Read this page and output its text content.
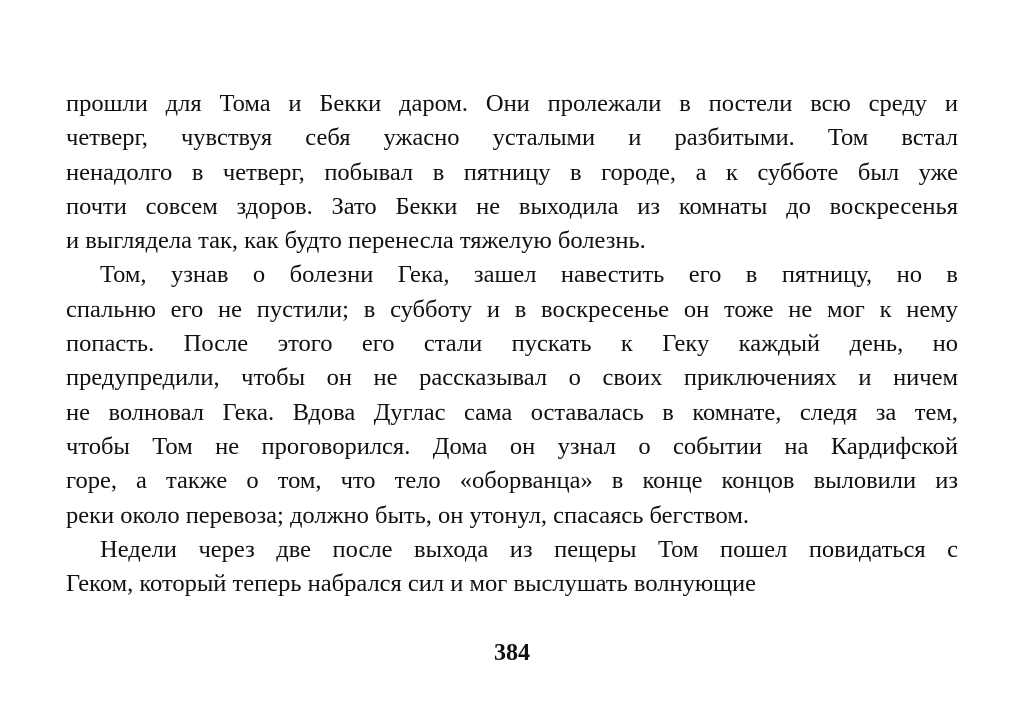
прошли для Тома и Бекки даром. Они пролежали в постели всю среду и
четверг, чувствуя себя ужасно усталыми и разбитыми. Том встал
ненадолго в четверг, побывал в пятницу в городе, а к субботе был уже
почти совсем здоров. Зато Бекки не выходила из комнаты до воскресенья
и выглядела так, как будто перенесла тяжелую болезнь.
Том, узнав о болезни Гека, зашел навестить его в пятницу, но в
спальню его не пустили; в субботу и в воскресенье он тоже не мог к нему
попасть. После этого его стали пускать к Геку каждый день, но
предупредили, чтобы он не рассказывал о своих приключениях и ничем
не волновал Гека. Вдова Дуглас сама оставалась в комнате, следя за тем,
чтобы Том не проговорился. Дома он узнал о событии на Кардифской
горе, а также о том, что тело «оборванца» в конце концов выловили из
реки около перевоза; должно быть, он утонул, спасаясь бегством.
Недели через две после выхода из пещеры Том пошел повидаться с
Геком, который теперь набрался сил и мог выслушать волнующие
384
